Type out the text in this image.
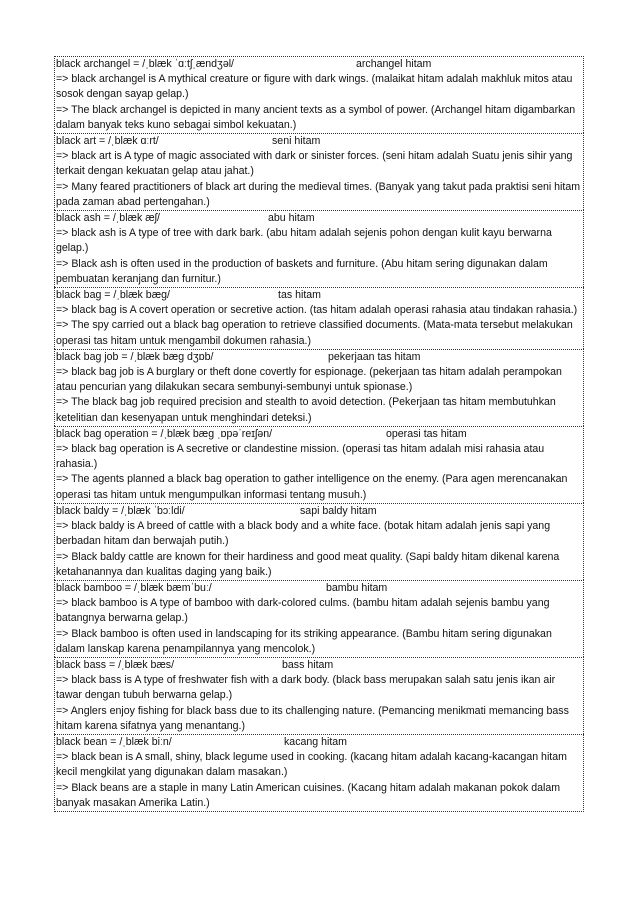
black archangel = /ˌblæk ˈɑːtʃˌændʒəl/	archangel hitam
=> black archangel is A mythical creature or figure with dark wings. (malaikat hitam adalah makhluk mitos atau sosok dengan sayap gelap.)
=> The black archangel is depicted in many ancient texts as a symbol of power. (Archangel hitam digambarkan dalam banyak teks kuno sebagai simbol kekuatan.)
black art = /ˌblæk ɑːrt/	seni hitam
=> black art is A type of magic associated with dark or sinister forces. (seni hitam adalah Suatu jenis sihir yang terkait dengan kekuatan gelap atau jahat.)
=> Many feared practitioners of black art during the medieval times. (Banyak yang takut pada praktisi seni hitam pada zaman abad pertengahan.)
black ash = /ˌblæk æʃ/	abu hitam
=> black ash is A type of tree with dark bark. (abu hitam adalah sejenis pohon dengan kulit kayu berwarna gelap.)
=> Black ash is often used in the production of baskets and furniture. (Abu hitam sering digunakan dalam pembuatan keranjang dan furnitur.)
black bag = /ˌblæk bæg/	tas hitam
=> black bag is A covert operation or secretive action. (tas hitam adalah operasi rahasia atau tindakan rahasia.)
=> The spy carried out a black bag operation to retrieve classified documents. (Mata-mata tersebut melakukan operasi tas hitam untuk mengambil dokumen rahasia.)
black bag job = /ˌblæk bæg dʒɒb/	pekerjaan tas hitam
=> black bag job is A burglary or theft done covertly for espionage. (pekerjaan tas hitam adalah perampokan atau pencurian yang dilakukan secara sembunyi-sembunyi untuk spionase.)
=> The black bag job required precision and stealth to avoid detection. (Pekerjaan tas hitam membutuhkan ketelitian dan kesenyapan untuk menghindari deteksi.)
black bag operation = /ˌblæk bæg ˌɒpəˈreɪʃən/	operasi tas hitam
=> black bag operation is A secretive or clandestine mission. (operasi tas hitam adalah misi rahasia atau rahasia.)
=> The agents planned a black bag operation to gather intelligence on the enemy. (Para agen merencanakan operasi tas hitam untuk mengumpulkan informasi tentang musuh.)
black baldy = /ˌblæk ˈbɔːldi/	sapi baldy hitam
=> black baldy is A breed of cattle with a black body and a white face. (botak hitam adalah jenis sapi yang berbadan hitam dan berwajah putih.)
=> Black baldy cattle are known for their hardiness and good meat quality. (Sapi baldy hitam dikenal karena ketahanannya dan kualitas daging yang baik.)
black bamboo = /ˌblæk bæmˈbuː/	bambu hitam
=> black bamboo is A type of bamboo with dark-colored culms. (bambu hitam adalah sejenis bambu yang batangnya berwarna gelap.)
=> Black bamboo is often used in landscaping for its striking appearance. (Bambu hitam sering digunakan dalam lanskap karena penampilannya yang mencolok.)
black bass = /ˌblæk bæs/	bass hitam
=> black bass is A type of freshwater fish with a dark body. (black bass merupakan salah satu jenis ikan air tawar dengan tubuh berwarna gelap.)
=> Anglers enjoy fishing for black bass due to its challenging nature. (Pemancing menikmati memancing bass hitam karena sifatnya yang menantang.)
black bean = /ˌblæk biːn/	kacang hitam
=> black bean is A small, shiny, black legume used in cooking. (kacang hitam adalah kacang-kacangan hitam kecil mengkilat yang digunakan dalam masakan.)
=> Black beans are a staple in many Latin American cuisines. (Kacang hitam adalah makanan pokok dalam banyak masakan Amerika Latin.)
